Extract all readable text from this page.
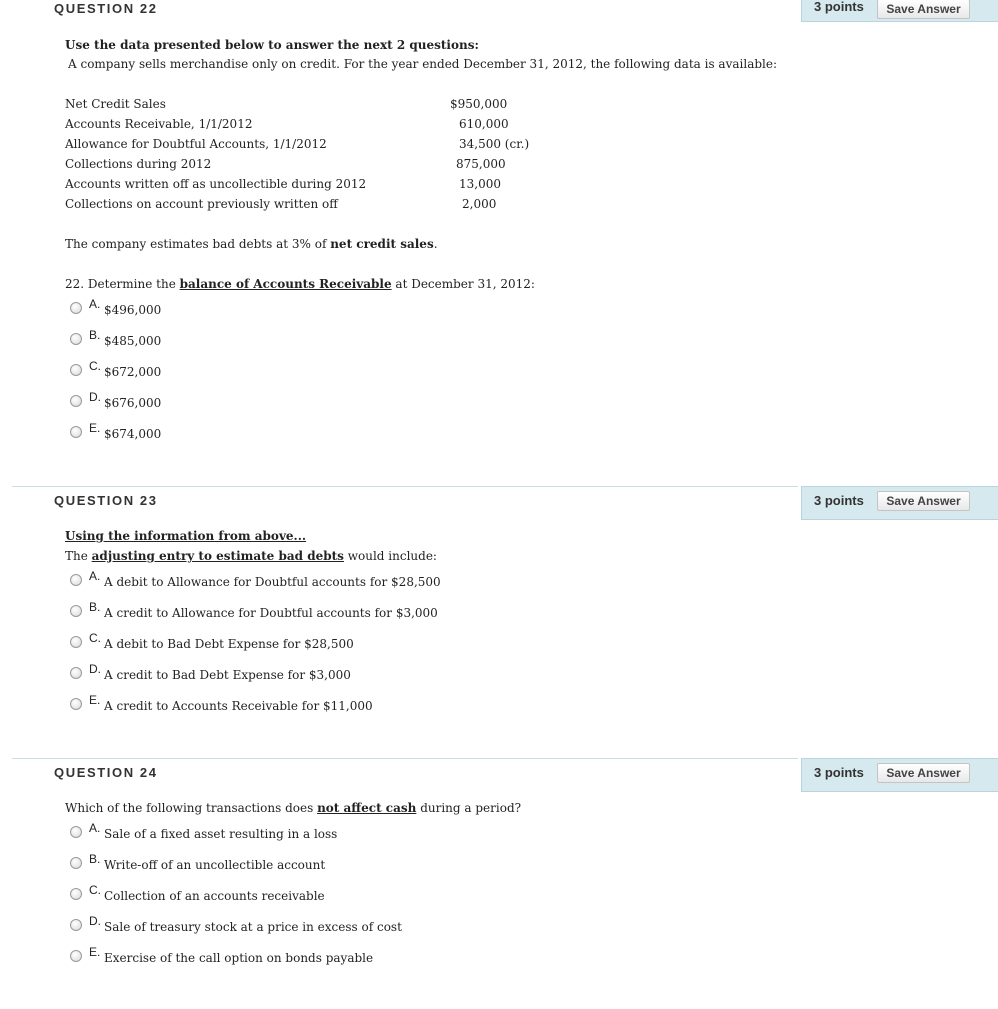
QUESTION 22	3 points	Save Answer
Use the data presented below to answer the next 2 questions:
A company sells merchandise only on credit. For the year ended December 31, 2012, the following data is available:
Net Credit Sales	$950,000
Accounts Receivable, 1/1/2012	610,000
Allowance for Doubtful Accounts, 1/1/2012	34,500 (cr.)
Collections during 2012	875,000
Accounts written off as uncollectible during 2012	13,000
Collections on account previously written off	2,000
The company estimates bad debts at 3% of net credit sales.
22. Determine the balance of Accounts Receivable at December 31, 2012:
A. $496,000
B. $485,000
C. $672,000
D. $676,000
E. $674,000
QUESTION 23	3 points	Save Answer
Using the information from above...
The adjusting entry to estimate bad debts would include:
A. A debit to Allowance for Doubtful accounts for $28,500
B. A credit to Allowance for Doubtful accounts for $3,000
C. A debit to Bad Debt Expense for $28,500
D. A credit to Bad Debt Expense for $3,000
E. A credit to Accounts Receivable for $11,000
QUESTION 24	3 points	Save Answer
Which of the following transactions does not affect cash during a period?
A. Sale of a fixed asset resulting in a loss
B. Write-off of an uncollectible account
C. Collection of an accounts receivable
D. Sale of treasury stock at a price in excess of cost
E. Exercise of the call option on bonds payable
